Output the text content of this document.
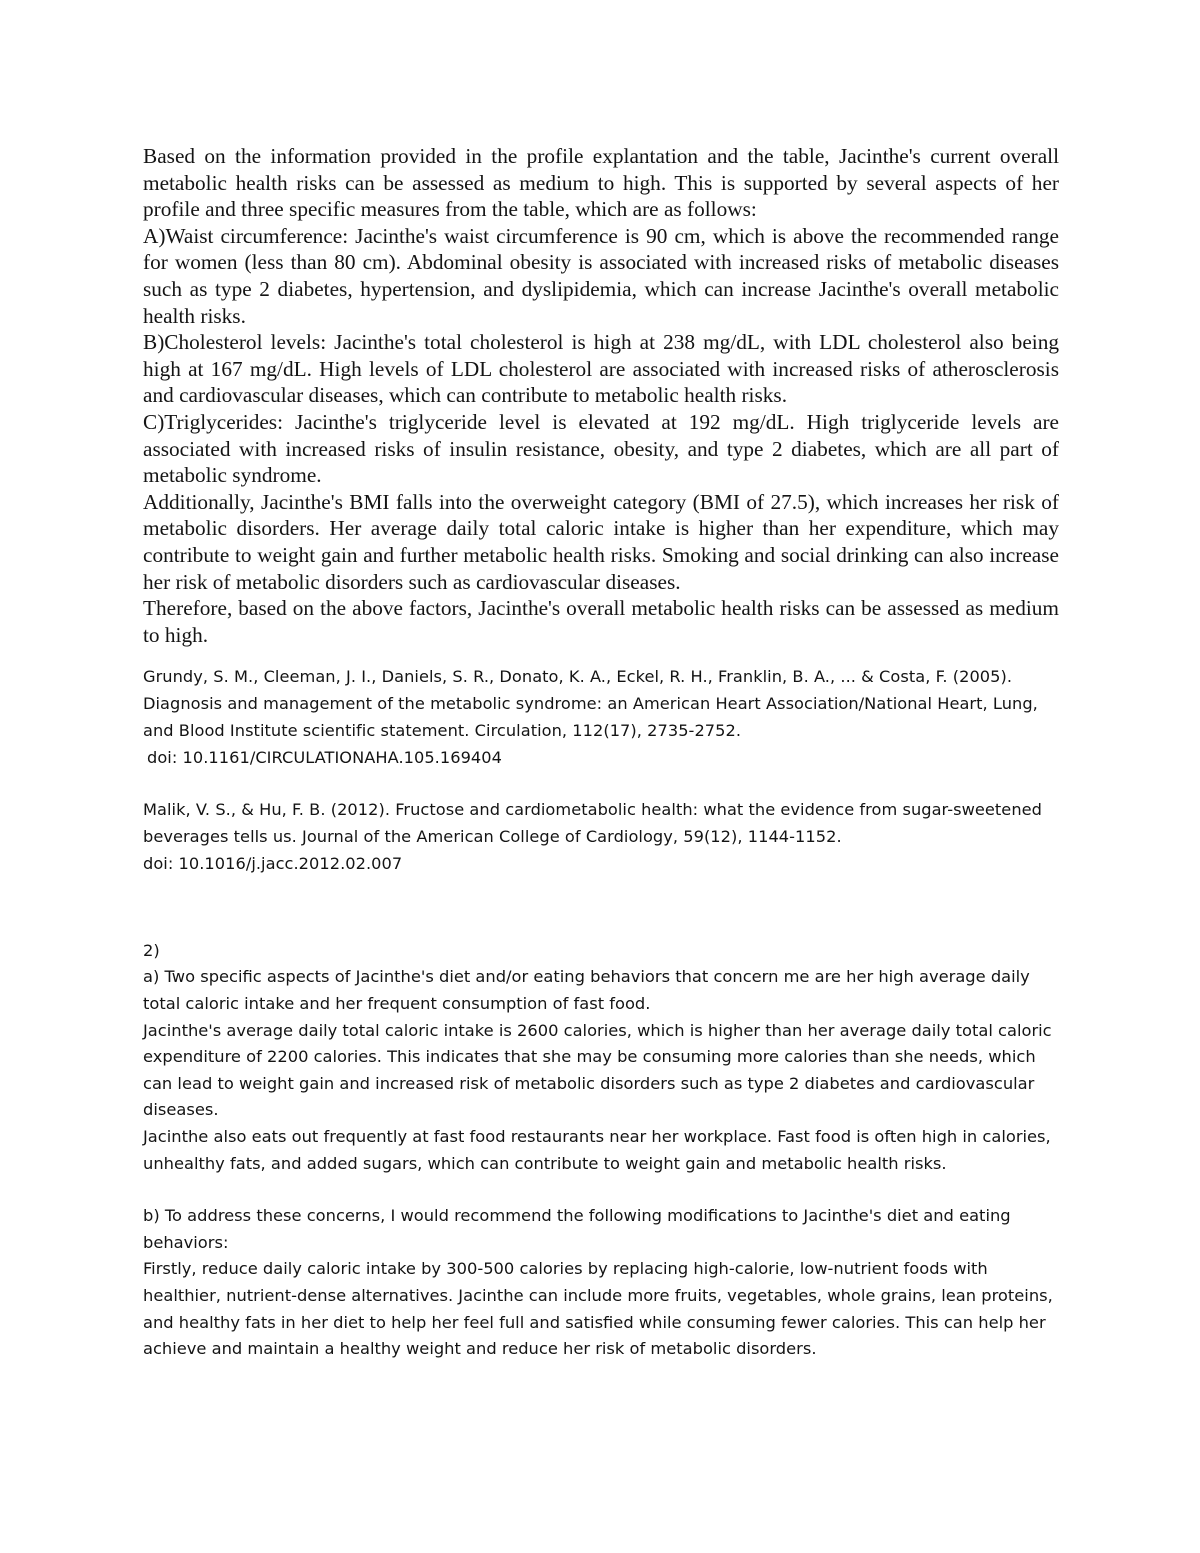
Based on the information provided in the profile explantation and the table, Jacinthe's current overall metabolic health risks can be assessed as medium to high. This is supported by several aspects of her profile and three specific measures from the table, which are as follows:

A)Waist circumference: Jacinthe's waist circumference is 90 cm, which is above the recommended range for women (less than 80 cm). Abdominal obesity is associated with increased risks of metabolic diseases such as type 2 diabetes, hypertension, and dyslipidemia, which can increase Jacinthe's overall metabolic health risks.

B)Cholesterol levels: Jacinthe's total cholesterol is high at 238 mg/dL, with LDL cholesterol also being high at 167 mg/dL. High levels of LDL cholesterol are associated with increased risks of atherosclerosis and cardiovascular diseases, which can contribute to metabolic health risks.

C)Triglycerides: Jacinthe's triglyceride level is elevated at 192 mg/dL. High triglyceride levels are associated with increased risks of insulin resistance, obesity, and type 2 diabetes, which are all part of metabolic syndrome.

Additionally, Jacinthe's BMI falls into the overweight category (BMI of 27.5), which increases her risk of metabolic disorders. Her average daily total caloric intake is higher than her expenditure, which may contribute to weight gain and further metabolic health risks. Smoking and social drinking can also increase her risk of metabolic disorders such as cardiovascular diseases.

Therefore, based on the above factors, Jacinthe's overall metabolic health risks can be assessed as medium to high.

Grundy, S. M., Cleeman, J. I., Daniels, S. R., Donato, K. A., Eckel, R. H., Franklin, B. A., ... & Costa, F. (2005). Diagnosis and management of the metabolic syndrome: an American Heart Association/National Heart, Lung, and Blood Institute scientific statement. Circulation, 112(17), 2735-2752.
doi: 10.1161/CIRCULATIONAHA.105.169404

Malik, V. S., & Hu, F. B. (2012). Fructose and cardiometabolic health: what the evidence from sugar-sweetened beverages tells us. Journal of the American College of Cardiology, 59(12), 1144-1152.
doi: 10.1016/j.jacc.2012.02.007

2)

a) Two specific aspects of Jacinthe's diet and/or eating behaviors that concern me are her high average daily total caloric intake and her frequent consumption of fast food.

Jacinthe's average daily total caloric intake is 2600 calories, which is higher than her average daily total caloric expenditure of 2200 calories. This indicates that she may be consuming more calories than she needs, which can lead to weight gain and increased risk of metabolic disorders such as type 2 diabetes and cardiovascular diseases.

Jacinthe also eats out frequently at fast food restaurants near her workplace. Fast food is often high in calories, unhealthy fats, and added sugars, which can contribute to weight gain and metabolic health risks.

b) To address these concerns, I would recommend the following modifications to Jacinthe's diet and eating behaviors:

Firstly, reduce daily caloric intake by 300-500 calories by replacing high-calorie, low-nutrient foods with healthier, nutrient-dense alternatives. Jacinthe can include more fruits, vegetables, whole grains, lean proteins, and healthy fats in her diet to help her feel full and satisfied while consuming fewer calories. This can help her achieve and maintain a healthy weight and reduce her risk of metabolic disorders.
